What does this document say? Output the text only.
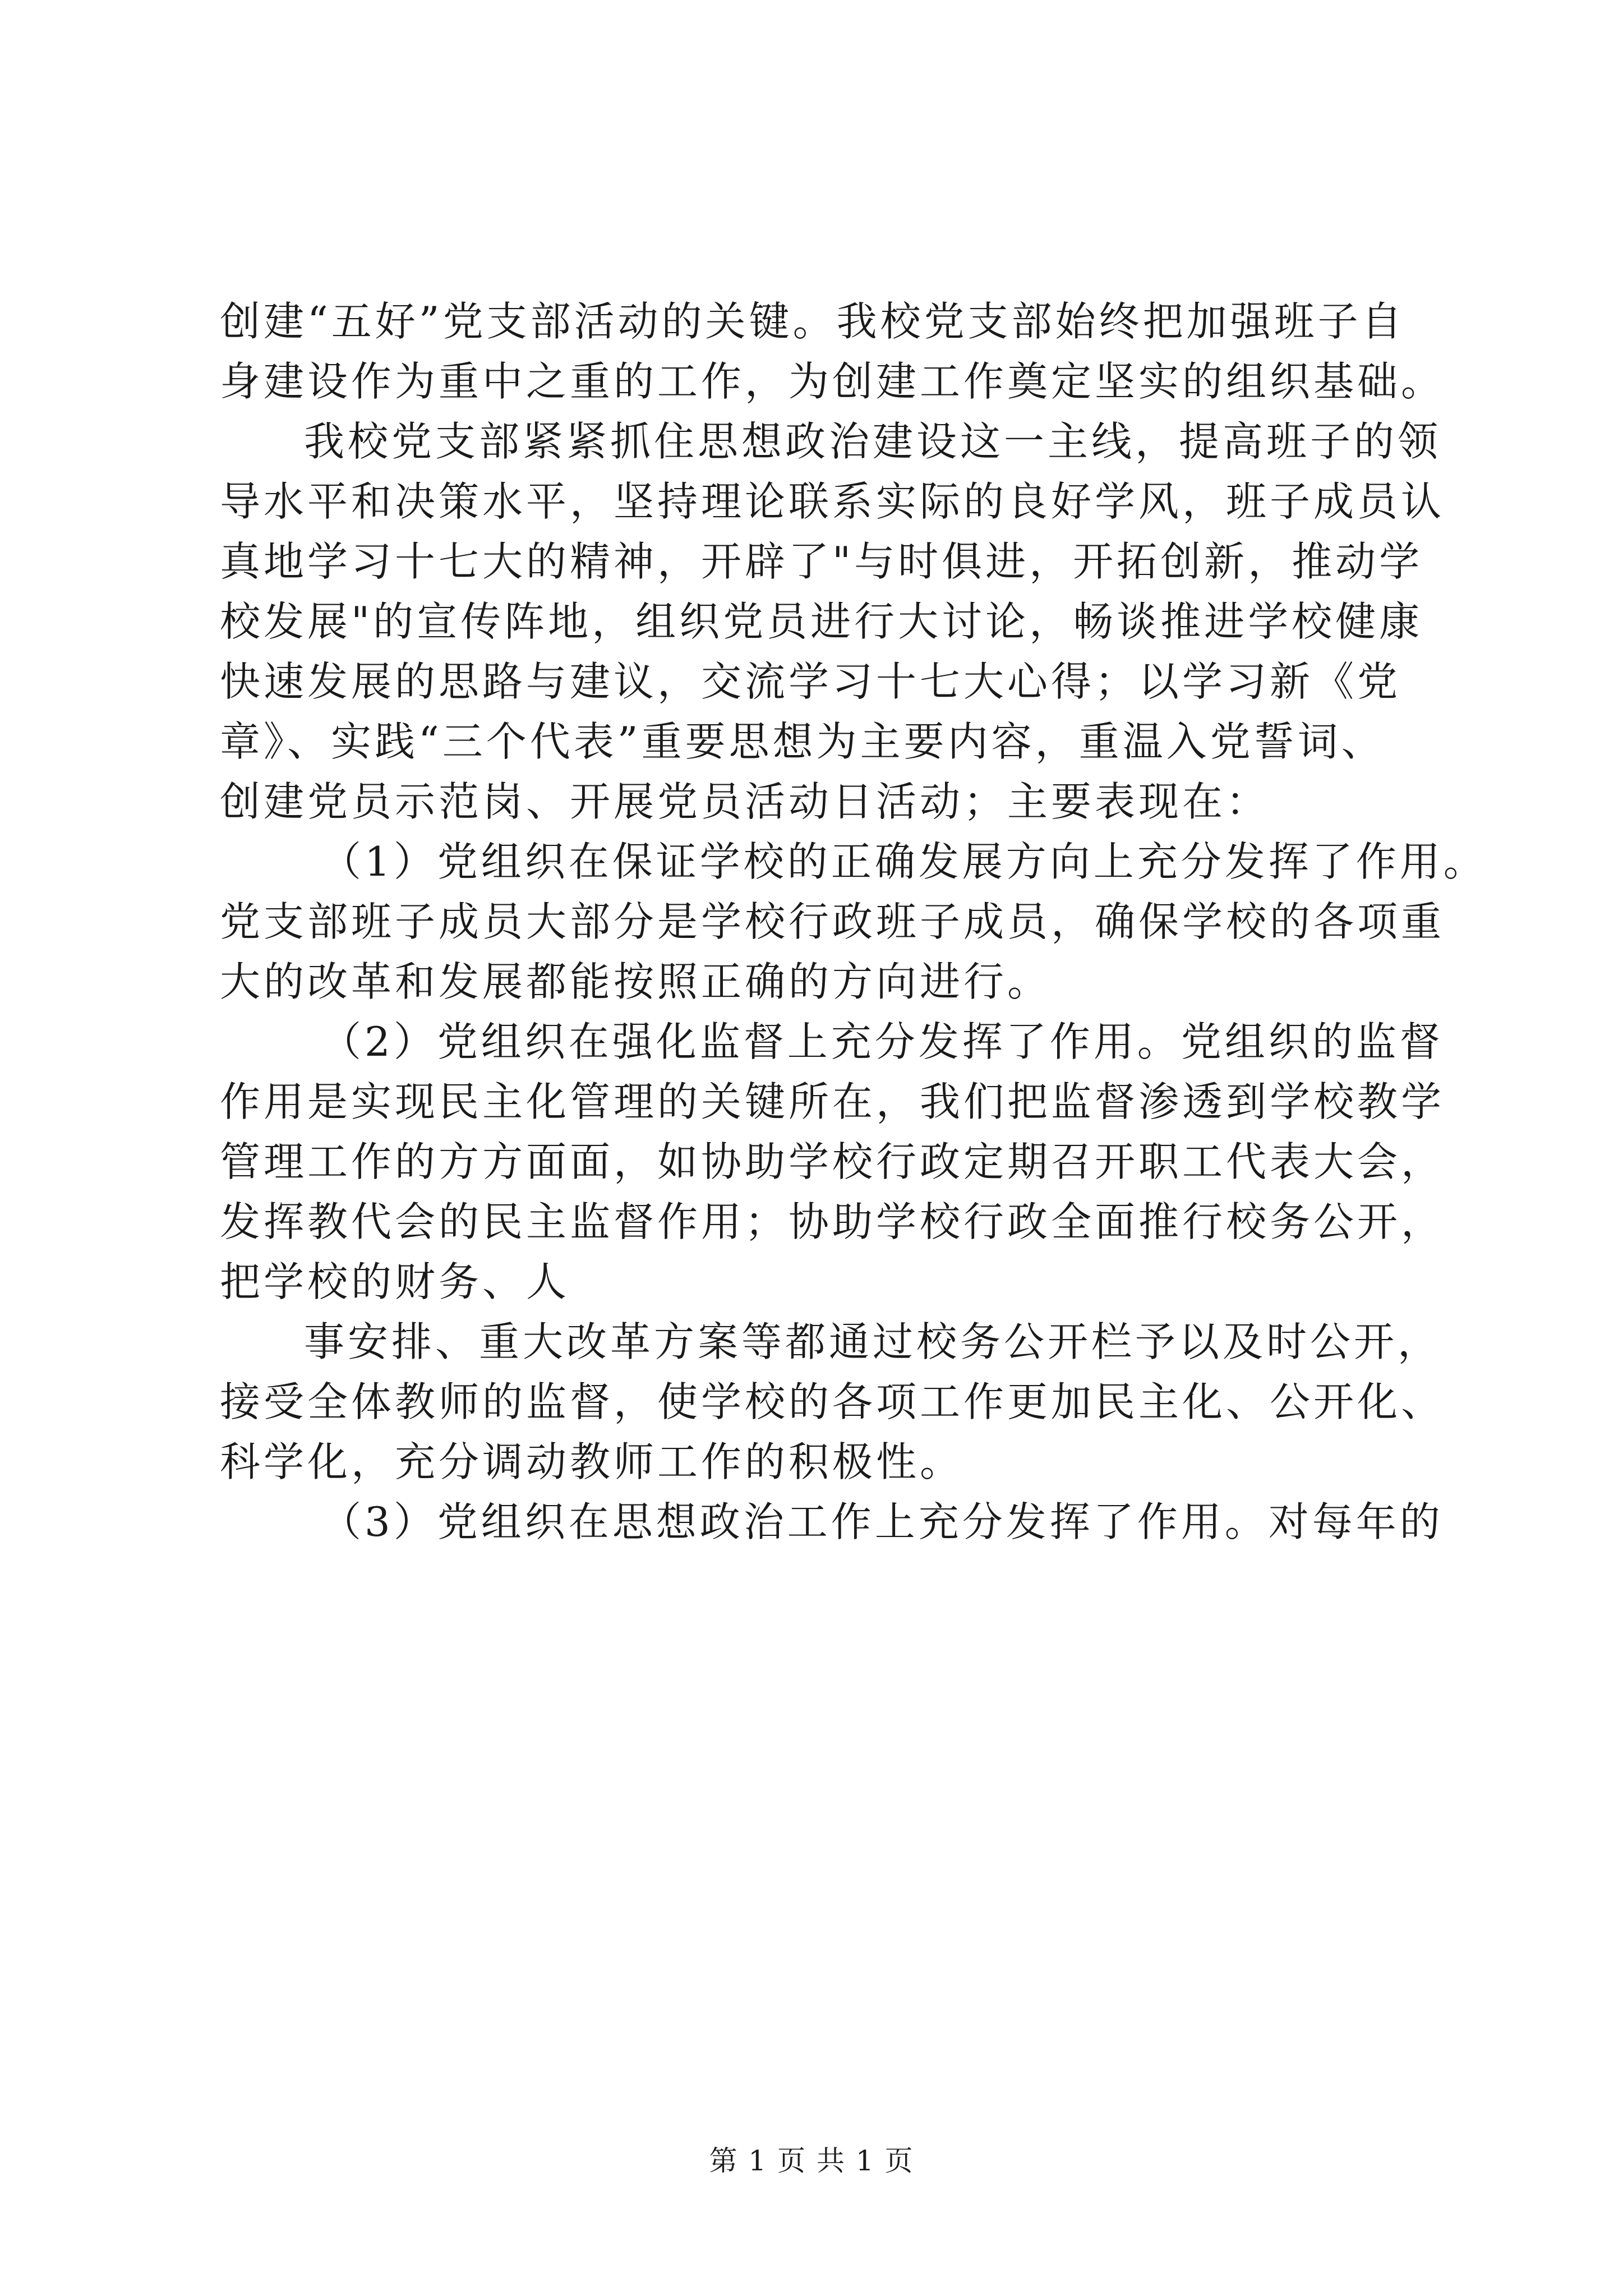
创建“五好”党支部活动的关键。我校党支部始终把加强班子自
身建设作为重中之重的工作，为创建工作奠定坚实的组织基础。
我校党支部紧紧抓住思想政治建设这一主线，提高班子的领
导水平和决策水平，坚持理论联系实际的良好学风，班子成员认
真地学习十七大的精神，开辟了"与时俱进，开拓创新，推动学
校发展"的宣传阵地，组织党员进行大讨论，畅谈推进学校健康
快速发展的思路与建议，交流学习十七大心得；以学习新《党
章》、实践“三个代表”重要思想为主要内容，重温入党誓词、
创建党员示范岗、开展党员活动日活动；主要表现在：
（1）党组织在保证学校的正确发展方向上充分发挥了作用。
党支部班子成员大部分是学校行政班子成员，确保学校的各项重
大的改革和发展都能按照正确的方向进行。
（2）党组织在强化监督上充分发挥了作用。党组织的监督
作用是实现民主化管理的关键所在，我们把监督渗透到学校教学
管理工作的方方面面，如协助学校行政定期召开职工代表大会，
发挥教代会的民主监督作用；协助学校行政全面推行校务公开，
把学校的财务、人
事安排、重大改革方案等都通过校务公开栏予以及时公开，
接受全体教师的监督，使学校的各项工作更加民主化、公开化、
科学化，充分调动教师工作的积极性。
（3）党组织在思想政治工作上充分发挥了作用。对每年的
第 1 页 共 1 页
